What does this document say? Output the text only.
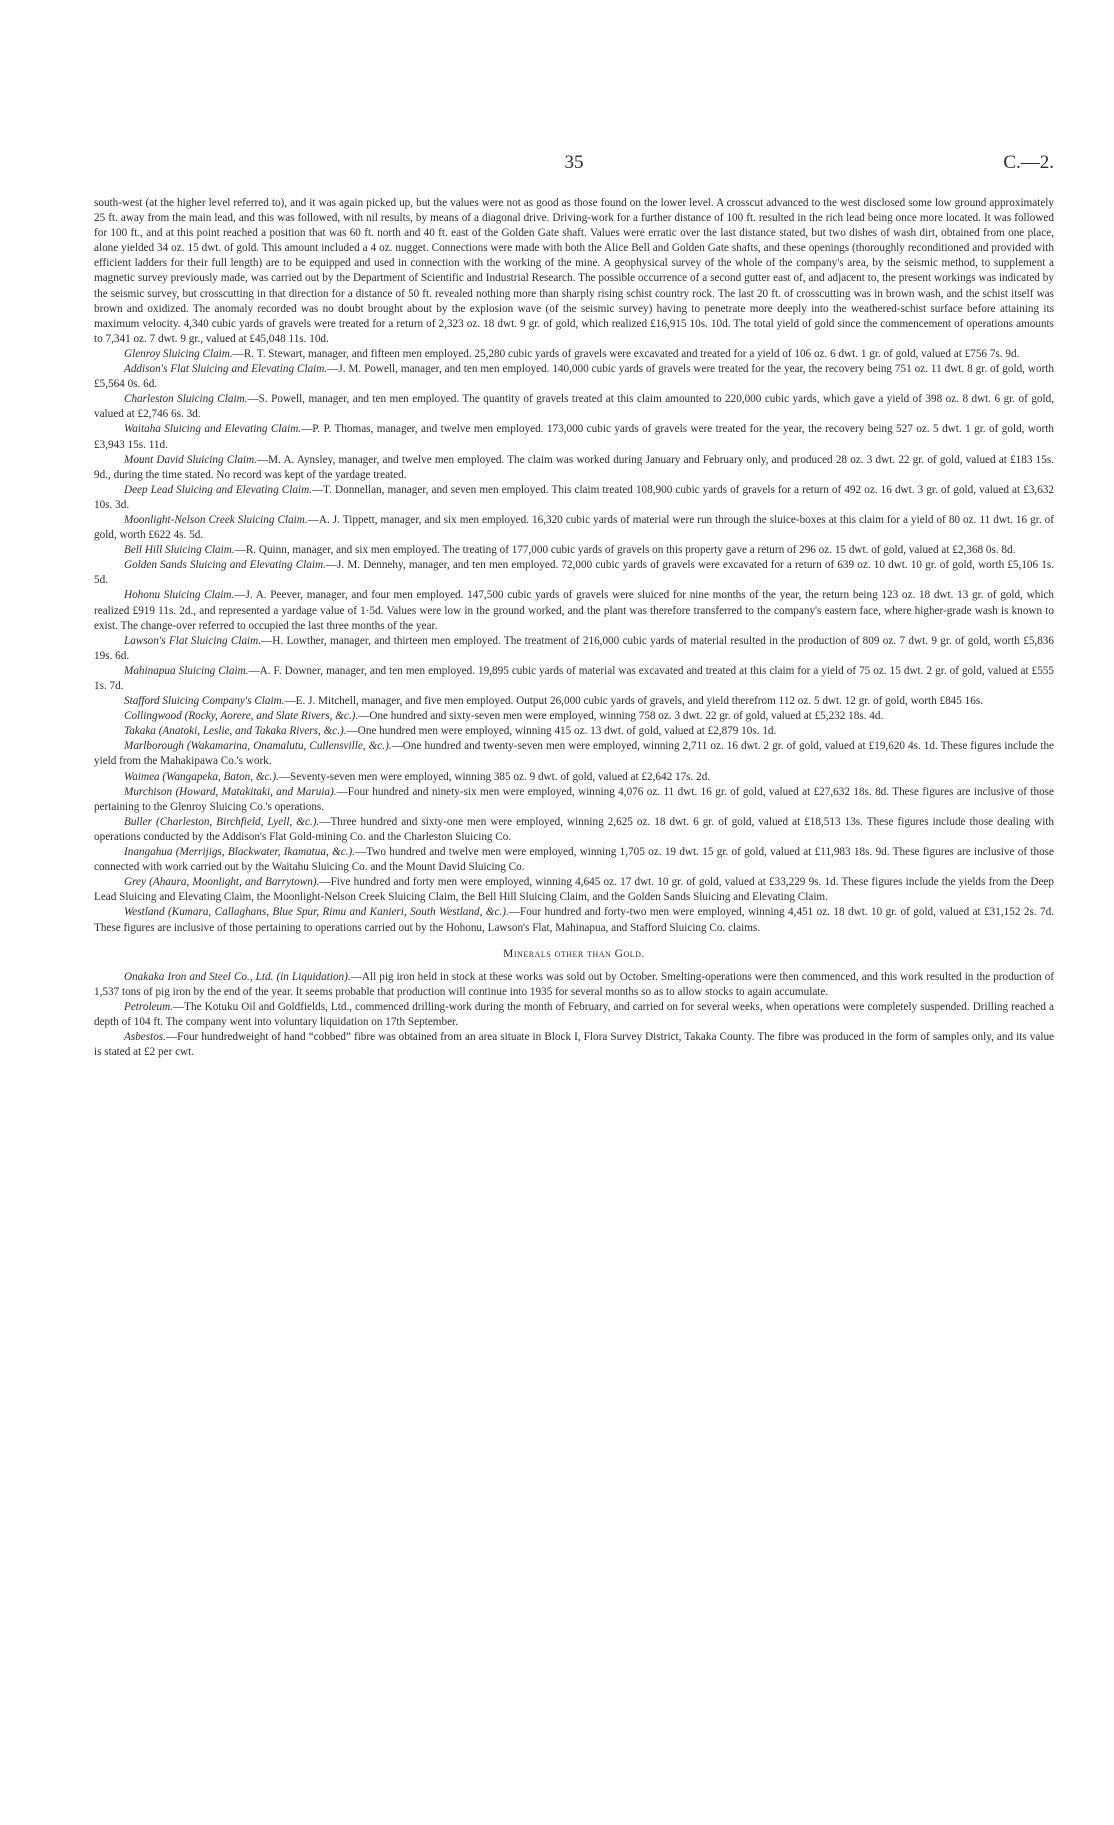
35	C.—2.

south-west (at the higher level referred to), and it was again picked up, but the values were not as good as those found on the lower level. A crosscut advanced to the west disclosed some low ground approximately 25 ft. away from the main lead, and this was followed, with nil results, by means of a diagonal drive. Driving-work for a further distance of 100 ft. resulted in the rich lead being once more located. It was followed for 100 ft., and at this point reached a position that was 60 ft. north and 40 ft. east of the Golden Gate shaft. Values were erratic over the last distance stated, but two dishes of wash dirt, obtained from one place, alone yielded 34 oz. 15 dwt. of gold. This amount included a 4 oz. nugget. Connections were made with both the Alice Bell and Golden Gate shafts, and these openings (thoroughly reconditioned and provided with efficient ladders for their full length) are to be equipped and used in connection with the working of the mine. A geophysical survey of the whole of the company's area, by the seismic method, to supplement a magnetic survey previously made, was carried out by the Department of Scientific and Industrial Research. The possible occurrence of a second gutter east of, and adjacent to, the present workings was indicated by the seismic survey, but crosscutting in that direction for a distance of 50 ft. revealed nothing more than sharply rising schist country rock. The last 20 ft. of crosscutting was in brown wash, and the schist itself was brown and oxidized. The anomaly recorded was no doubt brought about by the explosion wave (of the seismic survey) having to penetrate more deeply into the weathered-schist surface before attaining its maximum velocity. 4,340 cubic yards of gravels were treated for a return of 2,323 oz. 18 dwt. 9 gr. of gold, which realized £16,915 10s. 10d. The total yield of gold since the commencement of operations amounts to 7,341 oz. 7 dwt. 9 gr., valued at £45,048 11s. 10d.

Glenroy Sluicing Claim.—R. T. Stewart, manager, and fifteen men employed. 25,280 cubic yards of gravels were excavated and treated for a yield of 106 oz. 6 dwt. 1 gr. of gold, valued at £756 7s. 9d.

Addison's Flat Sluicing and Elevating Claim.—J. M. Powell, manager, and ten men employed. 140,000 cubic yards of gravels were treated for the year, the recovery being 751 oz. 11 dwt. 8 gr. of gold, worth £5,564 0s. 6d.

Charleston Sluicing Claim.—S. Powell, manager, and ten men employed. The quantity of gravels treated at this claim amounted to 220,000 cubic yards, which gave a yield of 398 oz. 8 dwt. 6 gr. of gold, valued at £2,746 6s. 3d.

Waitaha Sluicing and Elevating Claim.—P. P. Thomas, manager, and twelve men employed. 173,000 cubic yards of gravels were treated for the year, the recovery being 527 oz. 5 dwt. 1 gr. of gold, worth £3,943 15s. 11d.

Mount David Sluicing Claim.—M. A. Aynsley, manager, and twelve men employed. The claim was worked during January and February only, and produced 28 oz. 3 dwt. 22 gr. of gold, valued at £183 15s. 9d., during the time stated. No record was kept of the yardage treated.

Deep Lead Sluicing and Elevating Claim.—T. Donnellan, manager, and seven men employed. This claim treated 108,900 cubic yards of gravels for a return of 492 oz. 16 dwt. 3 gr. of gold, valued at £3,632 10s. 3d.

Moonlight-Nelson Creek Sluicing Claim.—A. J. Tippett, manager, and six men employed. 16,320 cubic yards of material were run through the sluice-boxes at this claim for a yield of 80 oz. 11 dwt. 16 gr. of gold, worth £622 4s. 5d.

Bell Hill Sluicing Claim.—R. Quinn, manager, and six men employed. The treating of 177,000 cubic yards of gravels on this property gave a return of 296 oz. 15 dwt. of gold, valued at £2,368 0s. 8d.

Golden Sands Sluicing and Elevating Claim.—J. M. Dennehy, manager, and ten men employed. 72,000 cubic yards of gravels were excavated for a return of 639 oz. 10 dwt. 10 gr. of gold, worth £5,106 1s. 5d.

Hohonu Sluicing Claim.—J. A. Peever, manager, and four men employed. 147,500 cubic yards of gravels were sluiced for nine months of the year, the return being 123 oz. 18 dwt. 13 gr. of gold, which realized £919 11s. 2d., and represented a yardage value of 1·5d. Values were low in the ground worked, and the plant was therefore transferred to the company's eastern face, where higher-grade wash is known to exist. The change-over referred to occupied the last three months of the year.

Lawson's Flat Sluicing Claim.—H. Lowther, manager, and thirteen men employed. The treatment of 216,000 cubic yards of material resulted in the production of 809 oz. 7 dwt. 9 gr. of gold, worth £5,836 19s. 6d.

Mahinapua Sluicing Claim.—A. F. Downer, manager, and ten men employed. 19,895 cubic yards of material was excavated and treated at this claim for a yield of 75 oz. 15 dwt. 2 gr. of gold, valued at £555 1s. 7d.

Stafford Sluicing Company's Claim.—E. J. Mitchell, manager, and five men employed. Output 26,000 cubic yards of gravels, and yield therefrom 112 oz. 5 dwt. 12 gr. of gold, worth £845 16s.

Collingwood (Rocky, Aorere, and Slate Rivers, &c.).—One hundred and sixty-seven men were employed, winning 758 oz. 3 dwt. 22 gr. of gold, valued at £5,232 18s. 4d.

Takaka (Anatoki, Leslie, and Takaka Rivers, &c.).—One hundred men were employed, winning 415 oz. 13 dwt. of gold, valued at £2,879 10s. 1d.

Marlborough (Wakamarina, Onamalutu, Cullensville, &c.).—One hundred and twenty-seven men were employed, winning 2,711 oz. 16 dwt. 2 gr. of gold, valued at £19,620 4s. 1d. These figures include the yield from the Mahakipawa Co.'s work.

Waimea (Wangapeka, Baton, &c.).—Seventy-seven men were employed, winning 385 oz. 9 dwt. of gold, valued at £2,642 17s. 2d.

Murchison (Howard, Matakitaki, and Maruia).—Four hundred and ninety-six men were employed, winning 4,076 oz. 11 dwt. 16 gr. of gold, valued at £27,632 18s. 8d. These figures are inclusive of those pertaining to the Glenroy Sluicing Co.'s operations.

Buller (Charleston, Birchfield, Lyell, &c.).—Three hundred and sixty-one men were employed, winning 2,625 oz. 18 dwt. 6 gr. of gold, valued at £18,513 13s. These figures include those dealing with operations conducted by the Addison's Flat Gold-mining Co. and the Charleston Sluicing Co.

Inangahua (Merrijigs, Blackwater, Ikamatua, &c.).—Two hundred and twelve men were employed, winning 1,705 oz. 19 dwt. 15 gr. of gold, valued at £11,983 18s. 9d. These figures are inclusive of those connected with work carried out by the Waitahu Sluicing Co. and the Mount David Sluicing Co.

Grey (Ahaura, Moonlight, and Barrytown).—Five hundred and forty men were employed, winning 4,645 oz. 17 dwt. 10 gr. of gold, valued at £33,229 9s. 1d. These figures include the yields from the Deep Lead Sluicing and Elevating Claim, the Moonlight-Nelson Creek Sluicing Claim, the Bell Hill Sluicing Claim, and the Golden Sands Sluicing and Elevating Claim.

Westland (Kumara, Callaghans, Blue Spur, Rimu and Kanieri, South Westland, &c.).—Four hundred and forty-two men were employed, winning 4,451 oz. 18 dwt. 10 gr. of gold, valued at £31,152 2s. 7d. These figures are inclusive of those pertaining to operations carried out by the Hohonu, Lawson's Flat, Mahinapua, and Stafford Sluicing Co. claims.

Minerals other than Gold.

Onakaka Iron and Steel Co., Ltd. (in Liquidation).—All pig iron held in stock at these works was sold out by October. Smelting-operations were then commenced, and this work resulted in the production of 1,537 tons of pig iron by the end of the year. It seems probable that production will continue into 1935 for several months so as to allow stocks to again accumulate.

Petroleum.—The Kotuku Oil and Goldfields, Ltd., commenced drilling-work during the month of February, and carried on for several weeks, when operations were completely suspended. Drilling reached a depth of 104 ft. The company went into voluntary liquidation on 17th September.

Asbestos.—Four hundredweight of hand “cobbed” fibre was obtained from an area situate in Block I, Flora Survey District, Takaka County. The fibre was produced in the form of samples only, and its value is stated at £2 per cwt.
